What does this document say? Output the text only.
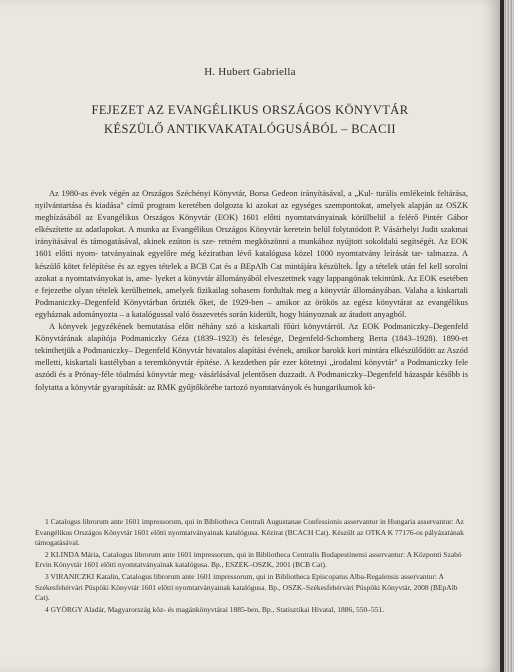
H. Hubert Gabriella
FEJEZET AZ EVANGÉLIKUS ORSZÁGOS KÖNYVTÁR
KÉSZÜLŐ ANTIKVAKATALÓGUSÁBÓL – BCACII

Az 1980-as évek végén az Országos Széchényi Könyvtár, Borsa Gedeon irányításával, a „Kul- turális emlékeink feltárása, nyilvántartása és kiadása" című program keretében dolgozta ki azokat az egységes szempontokat, amelyek alapján az OSZK megbízásából az Evangélikus Országos Könyvtár (EOK) 1601 előtti nyomtatványainak körülbelül a felérő Pintér Gábor elkészítette az adatlapokat. A munka az Evangélikus Országos Könyvtár keretein belül folytatódott P. Vásárhelyi Judit szakmai irányításával és támogatásával, akinek ezúton is sze- retném megköszönni a munkához nyújtott sokoldalú segítségét. Az EOK 1601 előtti nyom- tatványainak egyelőre még kéziratban lévő katalógusa közel 1000 nyomtatvány leírását tar- talmazza. A készülő kötet felépítése és az egyes tételek a BCB Cat és a BEpAlb Cat mintájára készültek. Így a tételek után fel kell sorolni azokat a nyomtatványokat is, ame- lyeket a könyvtár állományából elveszettnek vagy lappangónak tekintünk. Az EOK esetében e fejezetbe olyan tételek kerülhetnek, amelyek fizikailag sohasem fordultak meg a könyvtár állományában. Valaha a kiskartali Podmaniczky–Degenfeld Könyvtárban őrizték őket, de 1929-ben – amikor az örökös az egész könyvtárat az evangélikus egyháznak adományozta – a katalógussal való összevetés során kiderült, hogy hiányoznak az átadott anyagból.

A könyvek jegyzékének bemutatása előtt néhány szó a kiskartali főúri könyvtárról. Az EOK Podmaniczky–Degenfeld Könyvtárának alapítója Podmaniczky Géza (1839–1923) és felesége, Degenfeld-Schomberg Berta (1843–1928). 1890-et tekinthetjük a Podmaniczky– Degenfeld Könyvtár hivatalos alapítási évének, amikor barokk kori mintára elkészülődött az Aszód melletti, kiskartali kastélyban a teremkönyvtár építése. A kezdetben pár ezer kötetnyi „irodalmi könyvtár" a Podmaniczky fele aszódi és a Prónay-féle tóalmási könyvtár meg- vásárlásával jelentősen duzzadt. A Podmaniczky–Degenfeld házaspár később is folytatta a könyvtár gyarapítását: az RMK gyűjtőkörébe tartozó nyomtatványok és hungarikumok kö-

1 Catalogus librorum ante 1601 impressorum, qui in Bibliotheca Centrali Augustanae Confessionis asservantur in Hungaria asservantur: Az Evangélikus Országos Könyvtár 1601 előtti nyomtatványainak katalógusa. Kézirat (BCACH Cat). Készült az OTKA K 77176-os pályázatának támogatásával.

2 KLINDA Mária, Catalogus librorum ante 1601 impressorum, qui in Bibliotheca Centralis Budapestinensi asservantur: A Központi Szabó Ervin Könyvtár 1601 előtti nyomtatványainak katalógusa. Bp., ESZEK–OSZK, 2001 (BCB Cat).

3 VIRANICZKI Katalin, Catalogus librorum ante 1601 impressorum, qui in Bibliotheca Episcopatus Alba-Regalensis asservantur: A Székesfehérvári Püspöki Könyvtár 1601 előtti nyomtatványainak katalógusa. Bp., OSZK–Székesfehérvári Püspöki Könyvtár, 2008 (BEpAlb Cat).

4 GYÖRGY Aladár, Magyarország köz- és magánkönyvtárai 1885-ben, Bp., Statisztikai Hivatal, 1886, 550–551.
